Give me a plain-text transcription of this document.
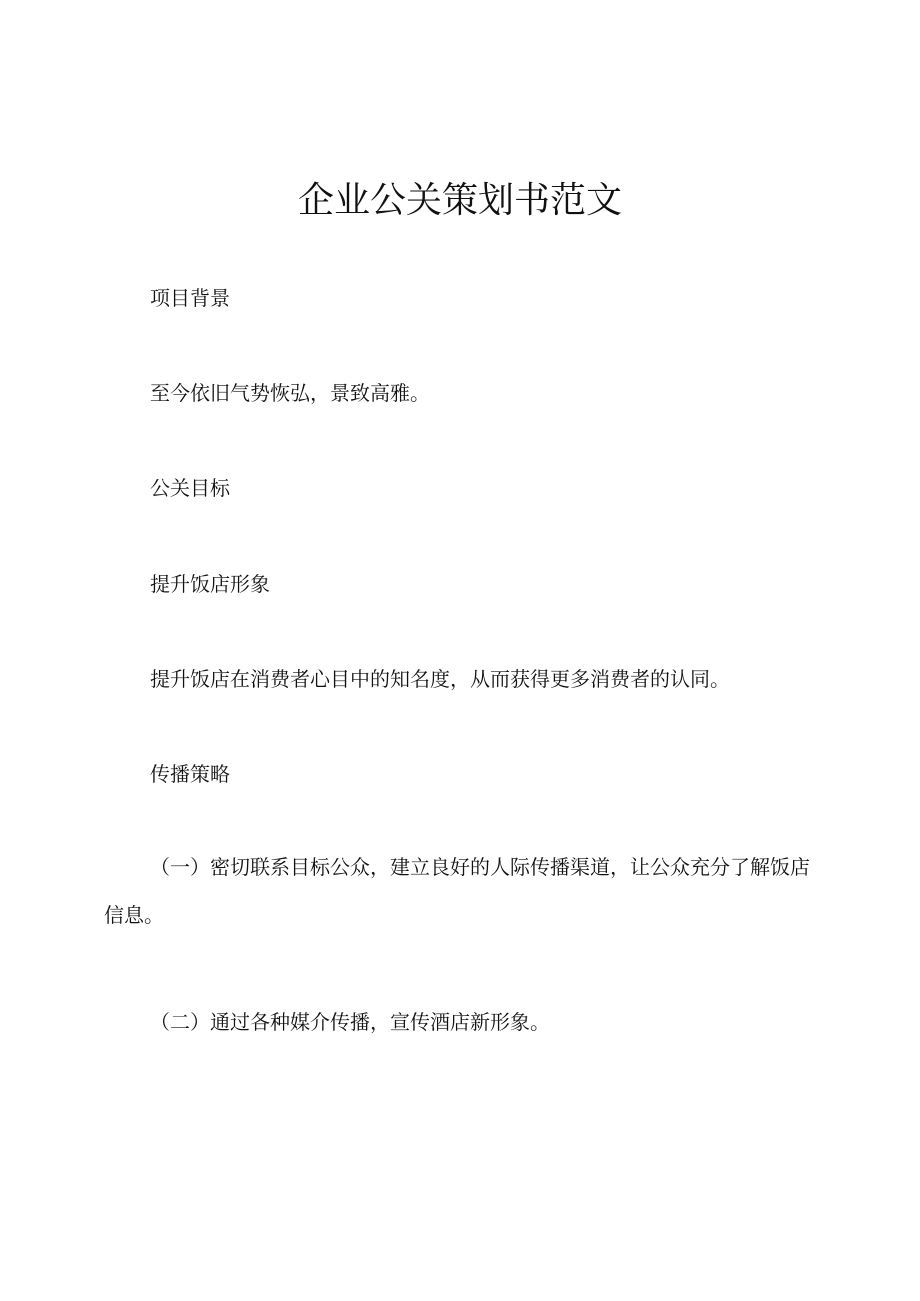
企业公关策划书范文

项目背景

至今依旧气势恢弘，景致高雅。

公关目标

提升饭店形象

提升饭店在消费者心目中的知名度，从而获得更多消费者的认同。

传播策略

（一）密切联系目标公众，建立良好的人际传播渠道，让公众充分了解饭店信息。

（二）通过各种媒介传播，宣传酒店新形象。
